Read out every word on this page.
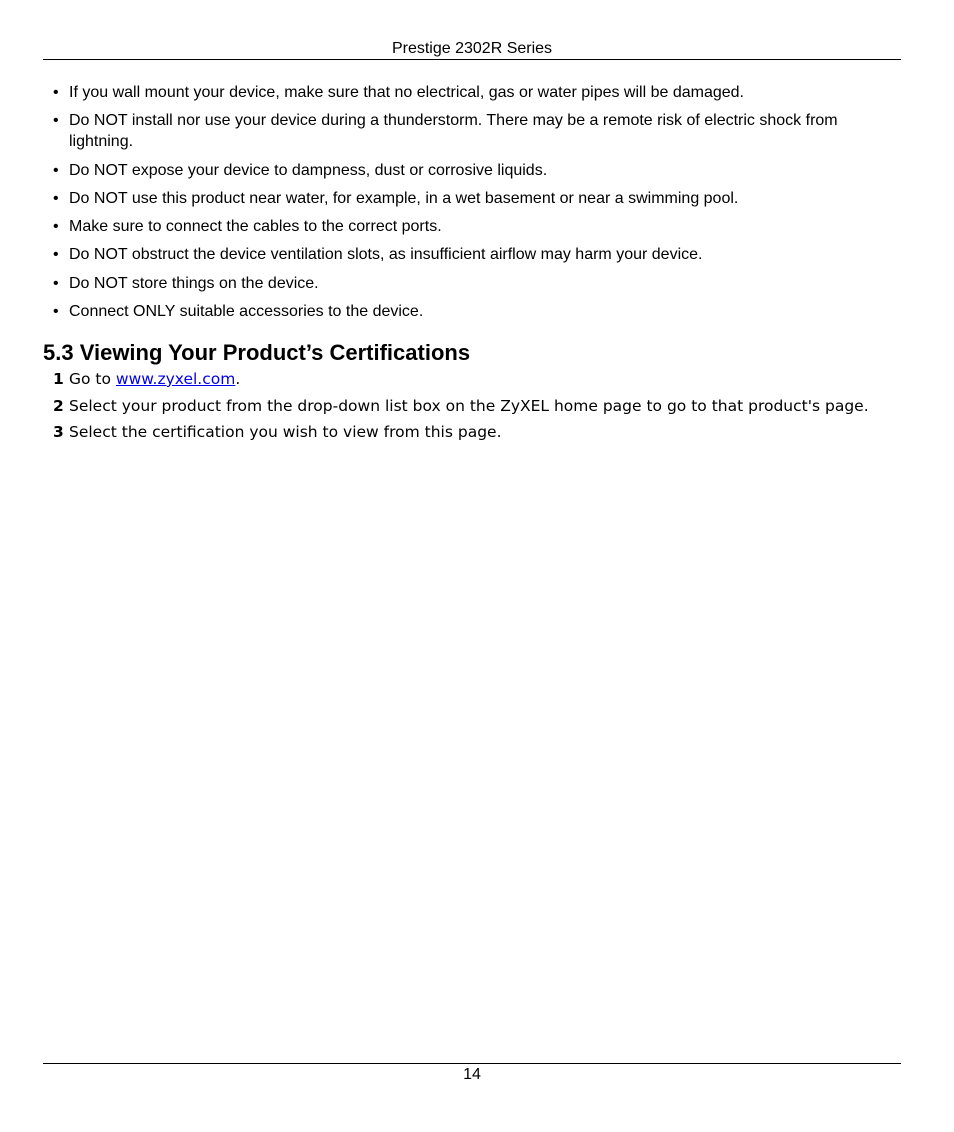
Prestige 2302R Series
• If you wall mount your device, make sure that no electrical, gas or water pipes will be damaged.
• Do NOT install nor use your device during a thunderstorm. There may be a remote risk of electric shock from lightning.
• Do NOT expose your device to dampness, dust or corrosive liquids.
• Do NOT use this product near water, for example, in a wet basement or near a swimming pool.
• Make sure to connect the cables to the correct ports.
• Do NOT obstruct the device ventilation slots, as insufficient airflow may harm your device.
• Do NOT store things on the device.
• Connect ONLY suitable accessories to the device.
5.3 Viewing Your Product’s Certifications
1 Go to www.zyxel.com.
2 Select your product from the drop-down list box on the ZyXEL home page to go to that product's page.
3 Select the certification you wish to view from this page.
14
